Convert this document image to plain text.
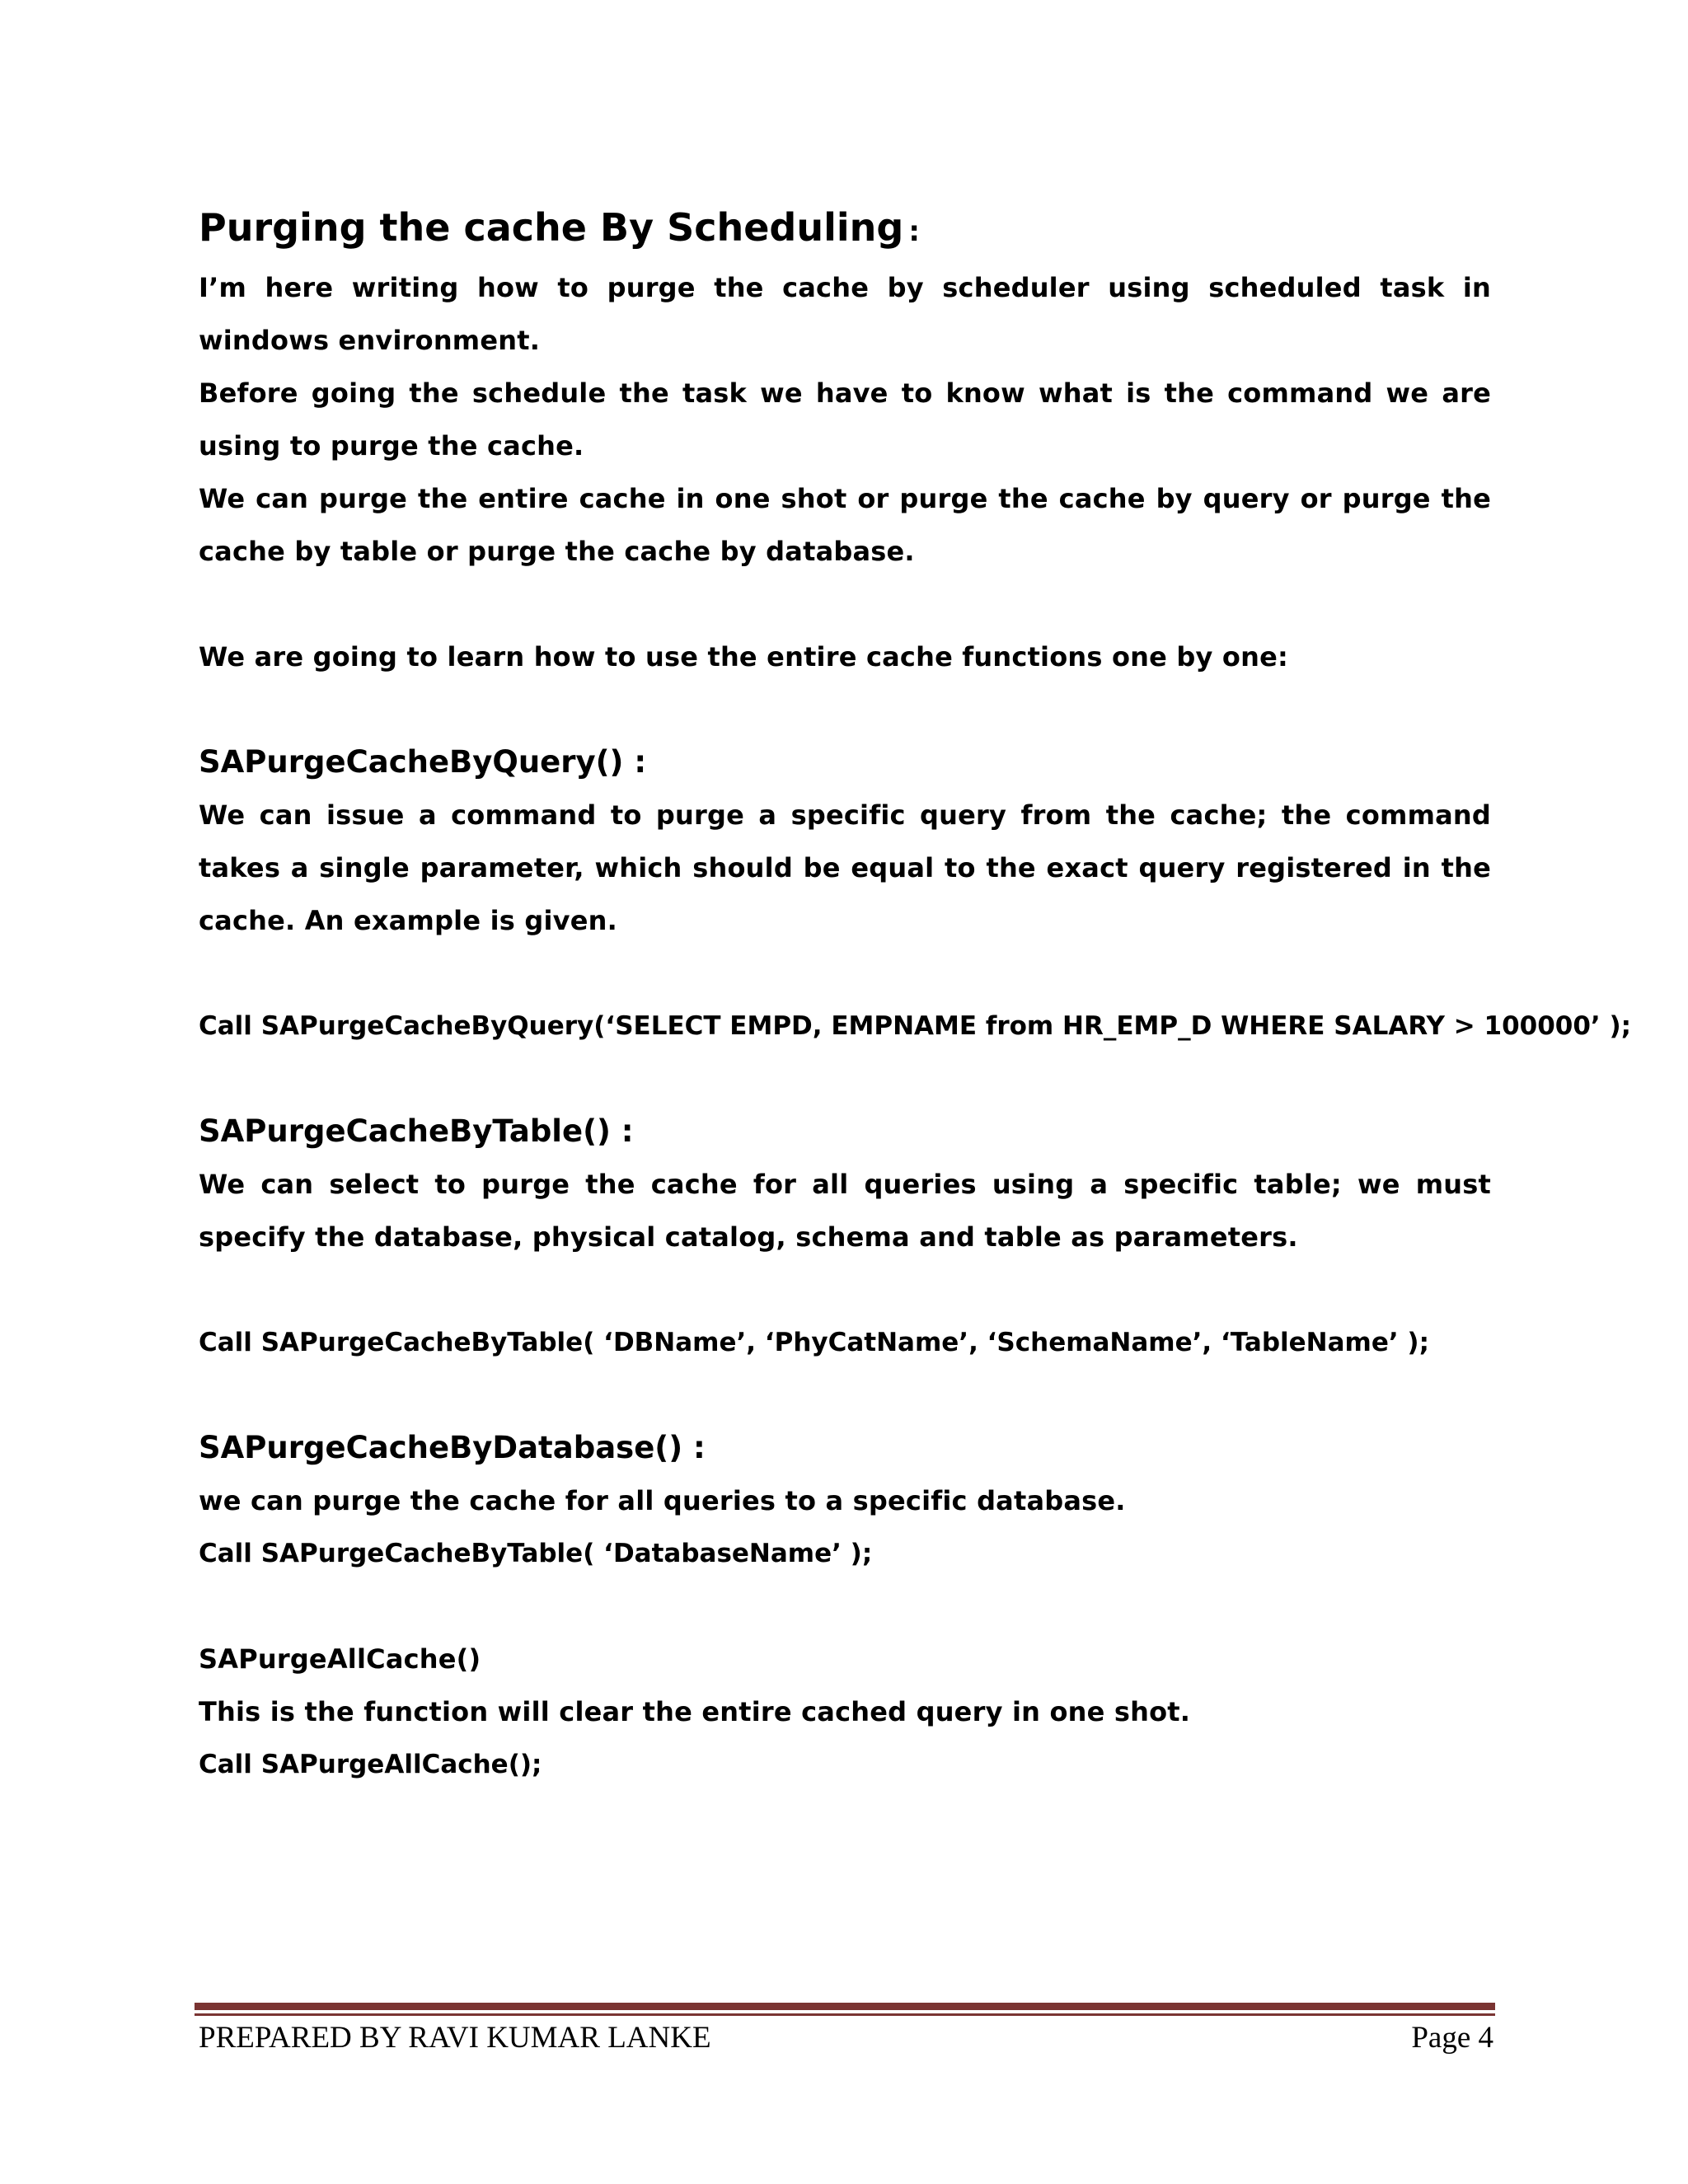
Purging the cache By Scheduling :

I’m here writing how to purge the cache by scheduler using scheduled task in windows environment.

Before going the schedule the task we have to know what is the command we are using to purge the cache.

We can purge the entire cache in one shot or purge the cache by query or purge the cache by table or purge the cache by database.

We are going to learn how to use the entire cache functions one by one:

SAPurgeCacheByQuery() :

We can issue a command to purge a specific query from the cache; the command takes a single parameter, which should be equal to the exact query registered in the cache. An example is given.

Call SAPurgeCacheByQuery(‘SELECT EMPD, EMPNAME from HR_EMP_D WHERE SALARY > 100000’ );

SAPurgeCacheByTable() :

We can select to purge the cache for all queries using a specific table; we must specify the database, physical catalog, schema and table as parameters.

Call SAPurgeCacheByTable( ‘DBName’, ‘PhyCatName’, ‘SchemaName’, ‘TableName’ );

SAPurgeCacheByDatabase() :

we can purge the cache for all queries to a specific database.

Call SAPurgeCacheByTable( ‘DatabaseName’ );

SAPurgeAllCache()

This is the function will clear the entire cached query in one shot.

Call SAPurgeAllCache();

PREPARED BY RAVI KUMAR LANKE	Page 4
